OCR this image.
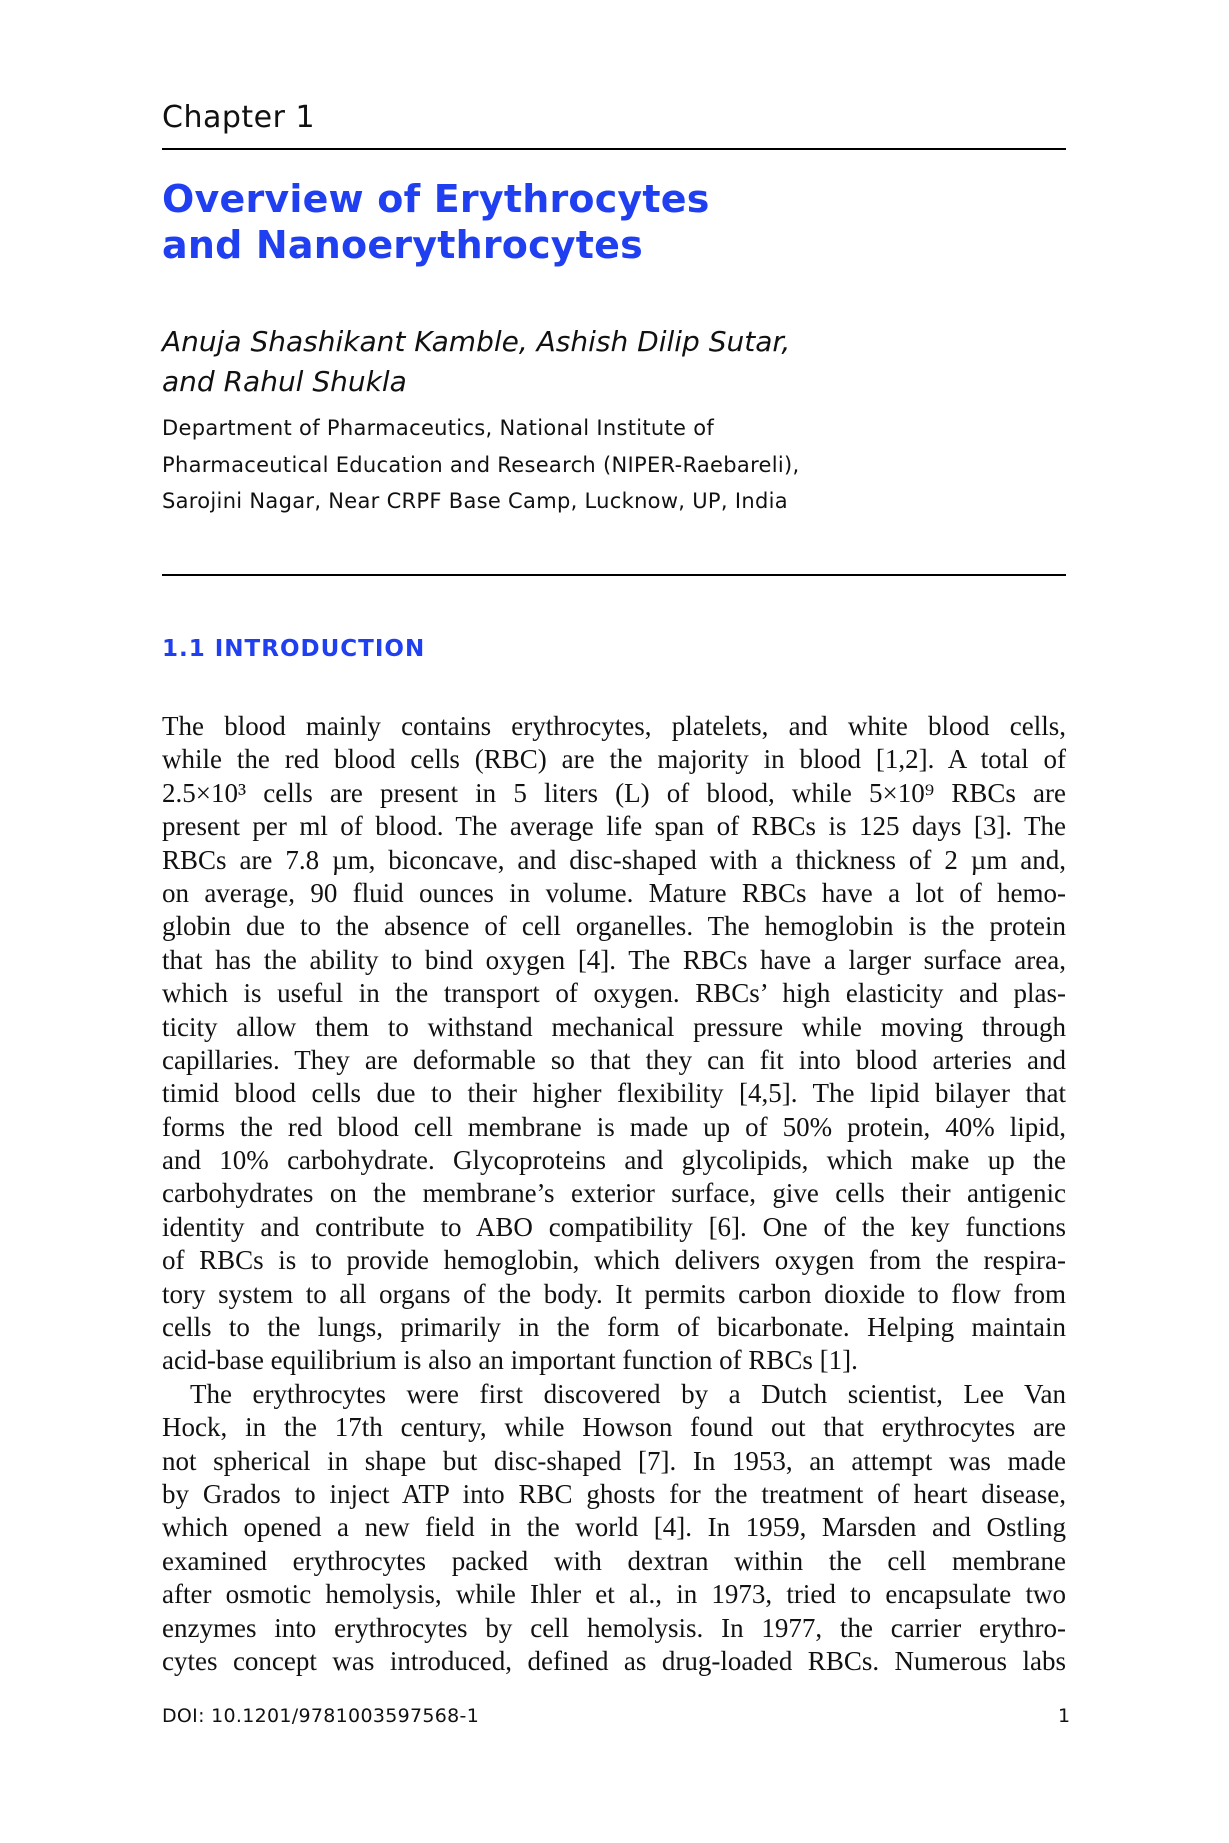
Chapter 1
Overview of Erythrocytes
and Nanoerythrocytes
Anuja Shashikant Kamble, Ashish Dilip Sutar,
and Rahul Shukla
Department of Pharmaceutics, National Institute of
Pharmaceutical Education and Research (NIPER-Raebareli),
Sarojini Nagar, Near CRPF Base Camp, Lucknow, UP, India
1.1 INTRODUCTION
The blood mainly contains erythrocytes, platelets, and white blood cells,
while the red blood cells (RBC) are the majority in blood [1,2]. A total of
2.5×10³ cells are present in 5 liters (L) of blood, while 5×10⁹ RBCs are
present per ml of blood. The average life span of RBCs is 125 days [3]. The
RBCs are 7.8 µm, biconcave, and disc-shaped with a thickness of 2 µm and,
on average, 90 fluid ounces in volume. Mature RBCs have a lot of hemo-
globin due to the absence of cell organelles. The hemoglobin is the protein
that has the ability to bind oxygen [4]. The RBCs have a larger surface area,
which is useful in the transport of oxygen. RBCs’ high elasticity and plas-
ticity allow them to withstand mechanical pressure while moving through
capillaries. They are deformable so that they can fit into blood arteries and
timid blood cells due to their higher flexibility [4,5]. The lipid bilayer that
forms the red blood cell membrane is made up of 50% protein, 40% lipid,
and 10% carbohydrate. Glycoproteins and glycolipids, which make up the
carbohydrates on the membrane’s exterior surface, give cells their antigenic
identity and contribute to ABO compatibility [6]. One of the key functions
of RBCs is to provide hemoglobin, which delivers oxygen from the respira-
tory system to all organs of the body. It permits carbon dioxide to flow from
cells to the lungs, primarily in the form of bicarbonate. Helping maintain
acid-base equilibrium is also an important function of RBCs [1].
The erythrocytes were first discovered by a Dutch scientist, Lee Van
Hock, in the 17th century, while Howson found out that erythrocytes are
not spherical in shape but disc-shaped [7]. In 1953, an attempt was made
by Grados to inject ATP into RBC ghosts for the treatment of heart disease,
which opened a new field in the world [4]. In 1959, Marsden and Ostling
examined erythrocytes packed with dextran within the cell membrane
after osmotic hemolysis, while Ihler et al., in 1973, tried to encapsulate two
enzymes into erythrocytes by cell hemolysis. In 1977, the carrier erythro-
cytes concept was introduced, defined as drug-loaded RBCs. Numerous labs
DOI: 10.1201/9781003597568-1	1
